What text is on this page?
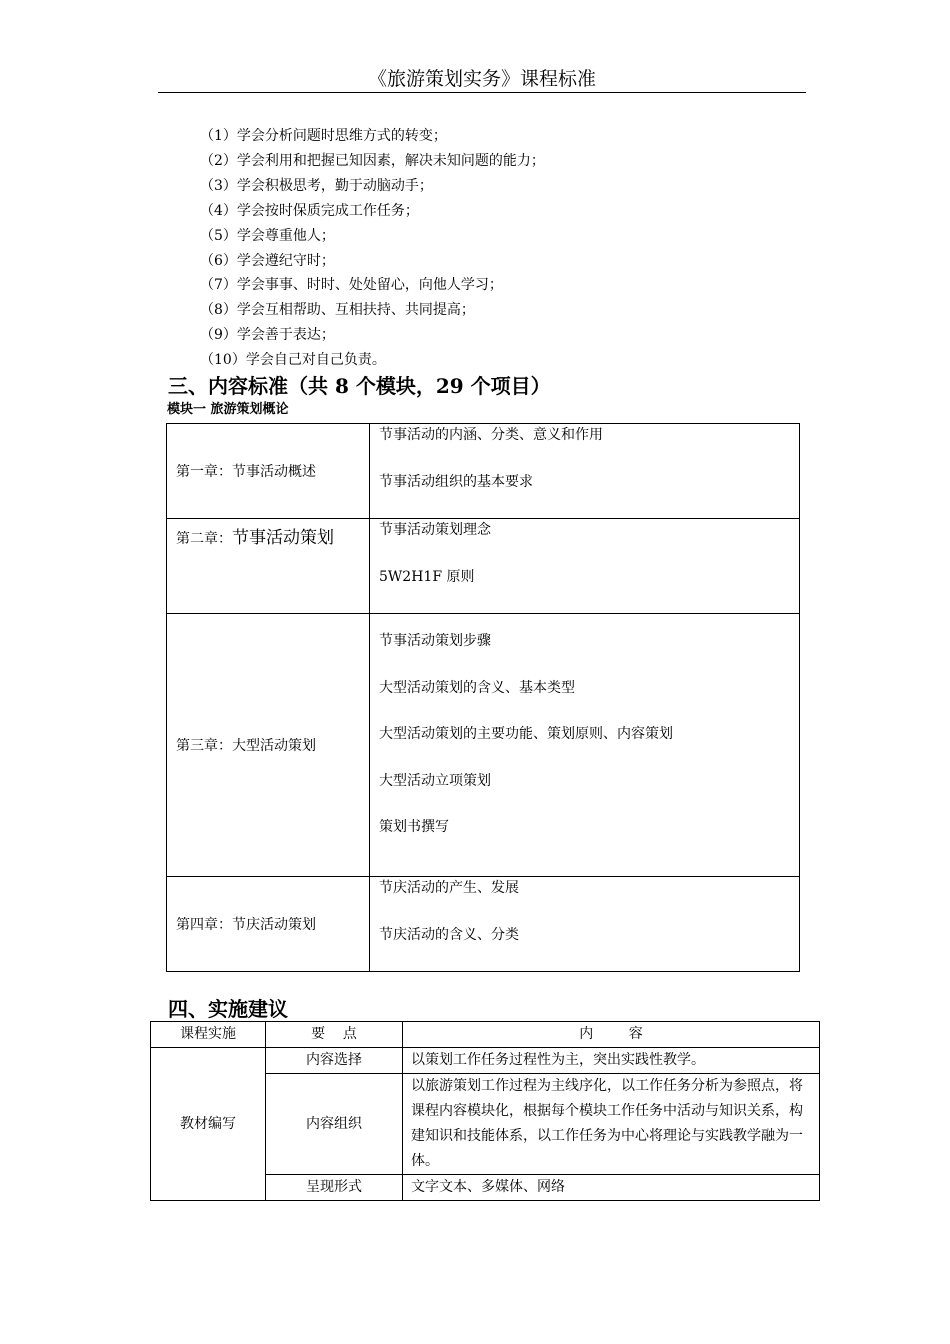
《旅游策划实务》课程标准
（1）学会分析问题时思维方式的转变；
（2）学会利用和把握已知因素，解决未知问题的能力；
（3）学会积极思考，勤于动脑动手；
（4）学会按时保质完成工作任务；
（5）学会尊重他人；
（6）学会遵纪守时；
（7）学会事事、时时、处处留心，向他人学习；
（8）学会互相帮助、互相扶持、共同提高；
（9）学会善于表达；
（10）学会自己对自己负责。
三、内容标准（共 8 个模块，29 个项目）
模块一 旅游策划概论
第一章：节事活动概述	节事活动的内涵、分类、意义和作用
节事活动组织的基本要求

第二章：节事活动策划	节事活动策划理念
5W2H1F 原则

第三章：大型活动策划	节事活动策划步骤
大型活动策划的含义、基本类型
大型活动策划的主要功能、策划原则、内容策划
大型活动立项策划
策划书撰写

第四章：节庆活动策划	节庆活动的产生、发展
节庆活动的含义、分类
四、实施建议
课程实施	要    点	内        容
教材编写	内容选择	以策划工作任务过程性为主，突出实践性教学。
	内容组织	以旅游策划工作过程为主线序化，以工作任务分析为参照点，将课程内容模块化，根据每个模块工作任务中活动与知识关系，构建知识和技能体系，以工作任务为中心将理论与实践教学融为一体。
	呈现形式	文字文本、多媒体、网络
